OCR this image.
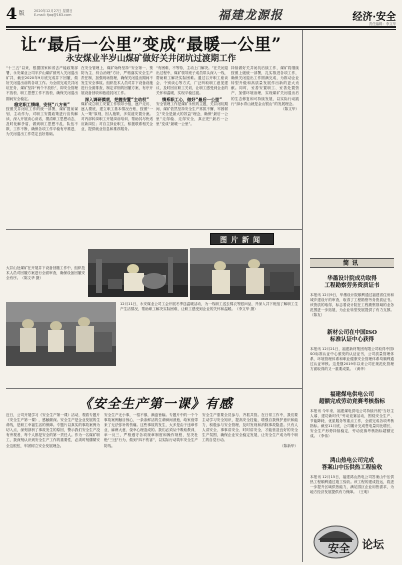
4 版	2020年12月27日 星期日
E-mail: fjaq@163.com	福建龙源报	经济·安全
责任编辑：李文华
让“最后一公里”变成“最暖一公里”
永安煤业半岁山煤矿做好关井闭坑过渡期工作
“十三五”以来，根据国家和省去产能政策部署，永安煤业公司半岁山煤矿被列入关闭退出矿井，截至2020年9月底完成井下回撤，做好关闭退出前的各项工作。为全面完成关井闭坑任务，煤矿坚持“两个不放松”，即安全管理不放松、职工思想工作不放松，确保关闭退出期间安全稳定。
稳定职工情绪，安抚“八方来”
按照关井闭坑工作的统一部署，煤矿提前谋划、主动作为，对职工安置政策进行宣传解读，深入开展谈心谈话，摸清职工思想动态，及时化解矛盾，做到职工思想不乱、队伍不散、工作不断，确保各项工作平稳有序推进，为关闭退出工作奠定良好基础。
在安全管理上，煤矿始终坚持“安全第一、预防为主、综合治理”方针，严格落实安全生产责任制，加强现场管理，确保关闭退出期间不发生安全事故。组织技术人员对井下设备设施进行全面排查，制定详细的回撤方案，有序开展设备回收和巷道封闭工作。
深入调研摸底，把握安置“主动权”
煤矿成立职工安置工作领导小组，逐户走访、逐人摸底，建立职工基本情况台账，按照“一人一策”原则，因人施策，多渠道安置分流。对内部转岗职工开展岗前培训，帮助其尽快适应新岗位；对自主择业职工，积极联系相关企业，提供就业信息和推荐服务。
“有困难，不等待，主动上门解决。”在关闭退出过程中，煤矿领导班子成员带头深入一线，帮助职工解决实际困难。通过召开职工座谈会、个别谈心等方式，广泛听取职工意见建议，及时回应职工关切，让职工感受到企业的关怀和温暖，实现平稳过渡。
情系职工心，做好“最后一公里”
安全管理工作是煤矿永恒的主题，关井闭坑期间，煤矿依然坚持安全生产常抓不懈，牢固树立“安全是最大的效益”理念，确保“最后一公里”走得稳、走得安全，真正把“最后一公里”变成“最暖一公里”。
持续做好关井闭坑后续工作，煤矿将继续按照上级统一部署，扎实推进各项工作，确保关闭退出工作圆满完成，为推动企业转型升级和高质量发展作出新的更大贡献。同时，妥善安置职工、妥善处置资产，加强环境治理，实现煤矿关闭退出后的生态修复和可持续发展，以实际行动践行“绿水青山就是金山银山”的发展理念。
（陈文华）
图片新闻
大井山处煤矿在开展井下设备回撤工作中，组织技术人员对回撤方案进行全面审查，确保设备回撤安全有序。（陈文华 摄）
12月11日，永安煤业公司工会开展冬季送温暖活动，为一线职工送去棉衣等慰问品，并深入井下班组了解职工生产生活情况，帮助职工解决实际困难，让职工感受到企业的关怀和温暖。（李文华 摄）
《安全生产第一课》有感
近日，公司开展学习《安全生产第一课》活动，观看专题片《安全生产第一课》，感触颇深。安全生产是企业发展的生命线，是职工幸福生活的保障。专题片以真实的事故案例为切入点，深刻剖析了事故发生的原因，警示我们安全生产没有旁观者，每个人都是安全的第一责任人。作为一名煤矿职工，我深刻认识到安全生产工作的重要性，必须时刻绷紧安全这根弦，牢固树立安全发展理念。
安全生产无小事，一招不慎，满盘皆输。专题片中的一个个事故案例触目惊心，一条条鲜活的生命瞬间消逝，给家庭带来了无法弥补的伤痛。这些事故的发生，大多是由于违章作业、麻痹大意、侥幸心理造成的。我们必须从中吸取教训，举一反三，严格遵守各项规章制度和操作规程，坚决杜绝“三违”行为，做到“四不伤害”，以实际行动筑牢安全生产防线。
安全生产需要全员参与、齐抓共管。在日常工作中，我们要主动学习安全知识，提高安全技能，增强自我保护意识和能力，积极参与安全管理，及时发现和消除事故隐患。只有人人讲安全、事事讲安全、时时讲安全，才能营造良好的安全生产氛围，确保企业安全稳定发展，让安全生产成为每个职工的自觉行动。
（陈新华）
简讯
华墨设计院成功取得
工程勘察劳务资质证书
本报讯 12月9日，华墨设计院顺利通过福建省住房和城乡建设厅的审查，取得了工程勘察劳务资质证书。该资质的取得，标志着设计院在工程勘察领域的业务范围进一步拓展，为企业转型发展提供了有力支撑。（陈友）
新材公司在中国ISO
标准认证中心获得
本报讯 12月21日，福建新材集团有限公司取得中国ISO标准认证中心颁发的认证证书，公司质量管理体系、环境管理体系和职业健康安全管理体系均顺利通过认证审核。这是继2019年以来公司在规范化管理方面取得的又一重要成果。（黄华）
福建煤电供电公司
超额完成劳动竞赛考核指标
本报讯 今年来，福建煤电供电公司持续开展“当好主人翁、建功新时代”劳动竞赛活动，围绕安全生产、节能降耗、优质服务等重点工作，全面完成各项考核指标。截至11月底，公司累计完成售电量同比增长，安全生产形势持续稳定，劳动竞赛考核指标超额完成。（李伟）
鸿山热电公司完成
答案山中压供热工程验收
本报讯 12月15日，福建鸿山热电公司答案山中压供热工程顺利通过竣工验收。该工程的建成投运，将进一步提升区域供热能力，满足园区企业用热需求，为地方经济发展提供有力保障。（王明）
安全 论坛
